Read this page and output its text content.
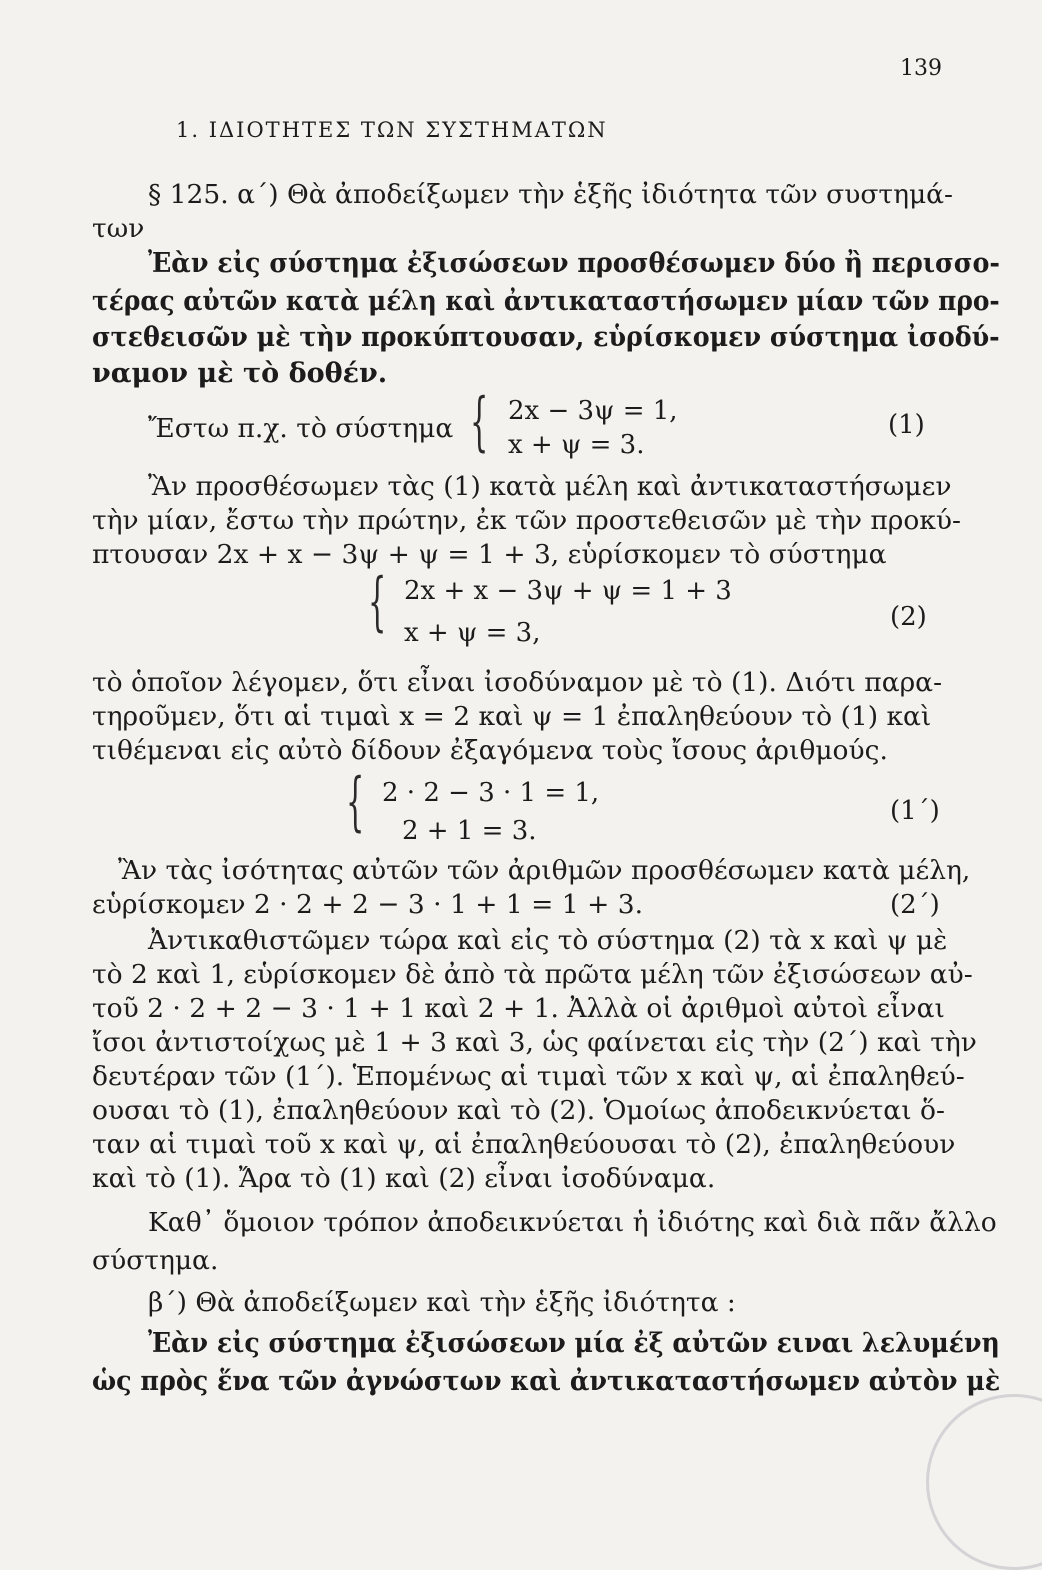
139
1. ΙΔΙΟΤΗΤΕΣ ΤΩΝ ΣΥΣΤΗΜΑΤΩΝ
§ 125. α΄) Θὰ ἀποδείξωμεν τὴν ἑξῆς ἰδιότητα τῶν συστημά-
των
Ἐὰν εἰς σύστημα ἐξισώσεων προσθέσωμεν δύο ἢ περισσο-
τέρας αὐτῶν κατὰ μέλη καὶ ἀντικαταστήσωμεν μίαν τῶν προ-
στεθεισῶν μὲ τὴν προκύπτουσαν, εὑρίσκομεν σύστημα ἰσοδύ-
ναμον μὲ τὸ δοθέν.
Ἔστω π.χ. τὸ σύστημα { 2x − 3ψ = 1,
x + ψ = 3.
(1)
Ἂν προσθέσωμεν τὰς (1) κατὰ μέλη καὶ ἀντικαταστήσωμεν
τὴν μίαν, ἔστω τὴν πρώτην, ἐκ τῶν προστεθεισῶν μὲ τὴν προκύ-
πτουσαν 2x + x − 3ψ + ψ = 1 + 3, εὑρίσκομεν τὸ σύστημα
{ 2x + x − 3ψ + ψ = 1 + 3
x + ψ = 3,
(2)
τὸ ὁποῖον λέγομεν, ὅτι εἶναι ἰσοδύναμον μὲ τὸ (1). Διότι παρα-
τηροῦμεν, ὅτι αἱ τιμαὶ x = 2 καὶ ψ = 1 ἐπαληθεύουν τὸ (1) καὶ
τιθέμεναι εἰς αὐτὸ δίδουν ἐξαγόμενα τοὺς ἴσους ἀριθμούς.
{ 2 · 2 − 3 · 1 = 1,
2 + 1 = 3.
(1΄)
Ἂν τὰς ἰσότητας αὐτῶν τῶν ἀριθμῶν προσθέσωμεν κατὰ μέλη,
εὑρίσκομεν 2 · 2 + 2 − 3 · 1 + 1 = 1 + 3.	(2΄)
Ἀντικαθιστῶμεν τώρα καὶ εἰς τὸ σύστημα (2) τὰ x καὶ ψ μὲ
τὸ 2 καὶ 1, εὑρίσκομεν δὲ ἀπὸ τὰ πρῶτα μέλη τῶν ἐξισώσεων αὐ-
τοῦ 2 · 2 + 2 − 3 · 1 + 1 καὶ 2 + 1. Ἀλλὰ οἱ ἀριθμοὶ αὐτοὶ εἶναι
ἴσοι ἀντιστοίχως μὲ 1 + 3 καὶ 3, ὡς φαίνεται εἰς τὴν (2΄) καὶ τὴν
δευτέραν τῶν (1΄). Ἑπομένως αἱ τιμαὶ τῶν x καὶ ψ, αἱ ἐπαληθεύ-
ουσαι τὸ (1), ἐπαληθεύουν καὶ τὸ (2). Ὁμοίως ἀποδεικνύεται ὅ-
ταν αἱ τιμαὶ τοῦ x καὶ ψ, αἱ ἐπαληθεύουσαι τὸ (2), ἐπαληθεύουν
καὶ τὸ (1). Ἄρα τὸ (1) καὶ (2) εἶναι ἰσοδύναμα.
Καθ᾿ ὅμοιον τρόπον ἀποδεικνύεται ἡ ἰδιότης καὶ διὰ πᾶν ἄλλο
σύστημα.
β΄) Θὰ ἀποδείξωμεν καὶ τὴν ἑξῆς ἰδιότητα :
Ἐὰν εἰς σύστημα ἐξισώσεων μία ἐξ αὐτῶν ειναι λελυμένη
ὡς πρὸς ἕνα τῶν ἀγνώστων καὶ ἀντικαταστήσωμεν αὐτὸν μὲ
